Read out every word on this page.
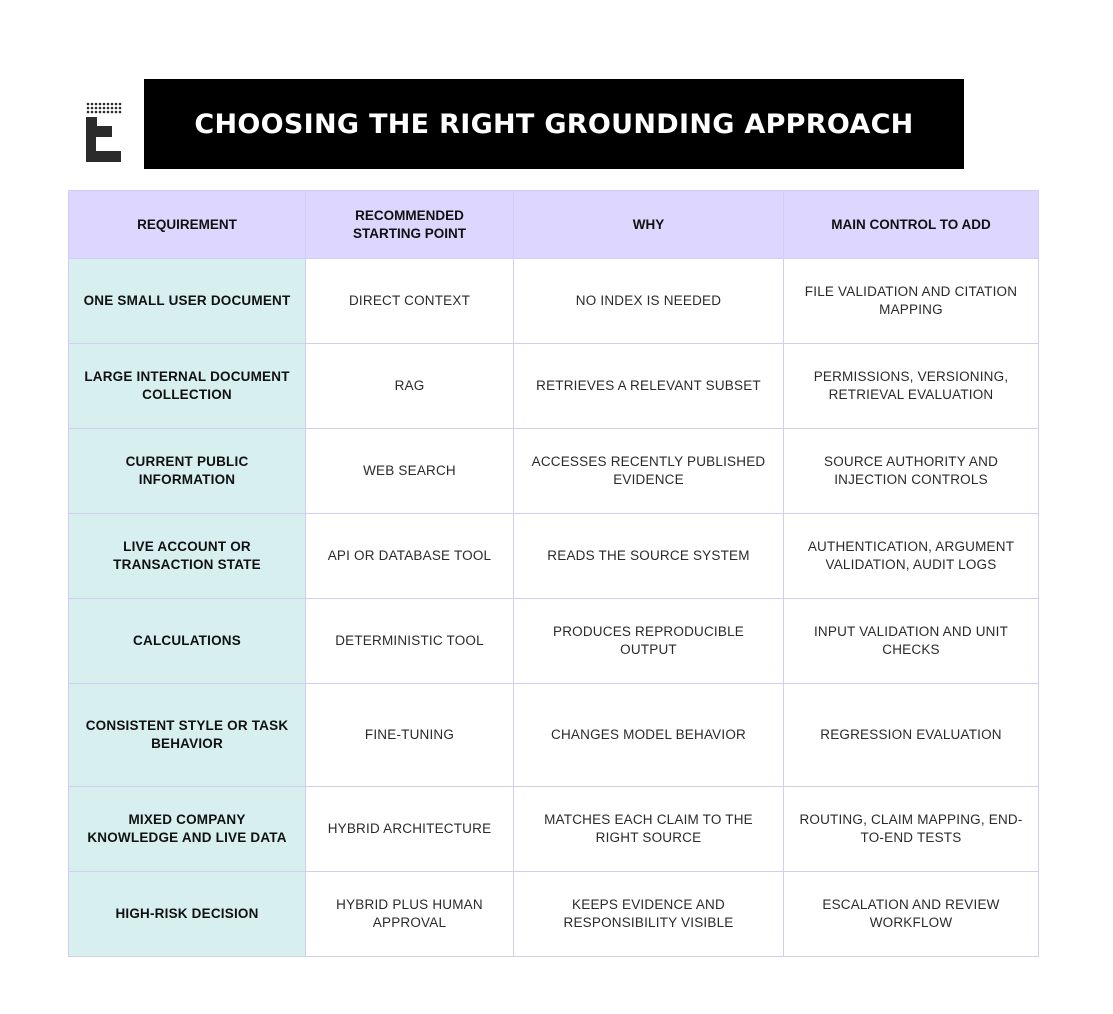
CHOOSING THE RIGHT GROUNDING APPROACH
REQUIREMENT	RECOMMENDED STARTING POINT	WHY	MAIN CONTROL TO ADD
ONE SMALL USER DOCUMENT	DIRECT CONTEXT	NO INDEX IS NEEDED	FILE VALIDATION AND CITATION MAPPING
LARGE INTERNAL DOCUMENT COLLECTION	RAG	RETRIEVES A RELEVANT SUBSET	PERMISSIONS, VERSIONING, RETRIEVAL EVALUATION
CURRENT PUBLIC INFORMATION	WEB SEARCH	ACCESSES RECENTLY PUBLISHED EVIDENCE	SOURCE AUTHORITY AND INJECTION CONTROLS
LIVE ACCOUNT OR TRANSACTION STATE	API OR DATABASE TOOL	READS THE SOURCE SYSTEM	AUTHENTICATION, ARGUMENT VALIDATION, AUDIT LOGS
CALCULATIONS	DETERMINISTIC TOOL	PRODUCES REPRODUCIBLE OUTPUT	INPUT VALIDATION AND UNIT CHECKS
CONSISTENT STYLE OR TASK BEHAVIOR	FINE-TUNING	CHANGES MODEL BEHAVIOR	REGRESSION EVALUATION
MIXED COMPANY KNOWLEDGE AND LIVE DATA	HYBRID ARCHITECTURE	MATCHES EACH CLAIM TO THE RIGHT SOURCE	ROUTING, CLAIM MAPPING, END-TO-END TESTS
HIGH-RISK DECISION	HYBRID PLUS HUMAN APPROVAL	KEEPS EVIDENCE AND RESPONSIBILITY VISIBLE	ESCALATION AND REVIEW WORKFLOW
